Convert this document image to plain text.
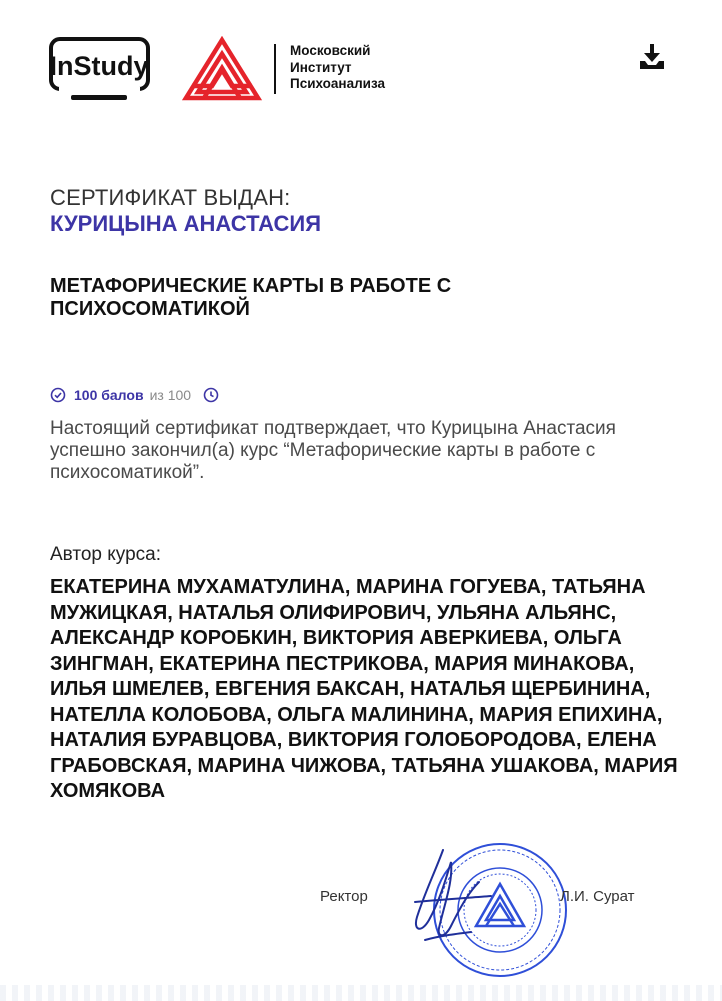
InStudy
Московский
Институт
Психоанализа
СЕРТИФИКАТ ВЫДАН:
КУРИЦЫНА АНАСТАСИЯ
МЕТАФОРИЧЕСКИЕ КАРТЫ В РАБОТЕ С ПСИХОСОМАТИКОЙ
100 балов из 100
Настоящий сертификат подтверждает, что Курицына Анастасия успешно закончил(а) курс “Метафорические карты в работе с психосоматикой”.
Автор курса:
ЕКАТЕРИНА МУХАМАТУЛИНА, МАРИНА ГОГУЕВА, ТАТЬЯНА МУЖИЦКАЯ, НАТАЛЬЯ ОЛИФИРОВИЧ, УЛЬЯНА АЛЬЯНС, АЛЕКСАНДР КОРОБКИН, ВИКТОРИЯ АВЕРКИЕВА, ОЛЬГА ЗИНГМАН, ЕКАТЕРИНА ПЕСТРИКОВА, МАРИЯ МИНАКОВА, ИЛЬЯ ШМЕЛЕВ, ЕВГЕНИЯ БАКСАН, НАТАЛЬЯ ЩЕРБИНИНА, НАТЕЛЛА КОЛОБОВА, ОЛЬГА МАЛИНИНА, МАРИЯ ЕПИХИНА, НАТАЛИЯ БУРАВЦОВА, ВИКТОРИЯ ГОЛОБОРОДОВА, ЕЛЕНА ГРАБОВСКАЯ, МАРИНА ЧИЖОВА, ТАТЬЯНА УШАКОВА, МАРИЯ ХОМЯКОВА
Ректор	Л.И. Сурат
